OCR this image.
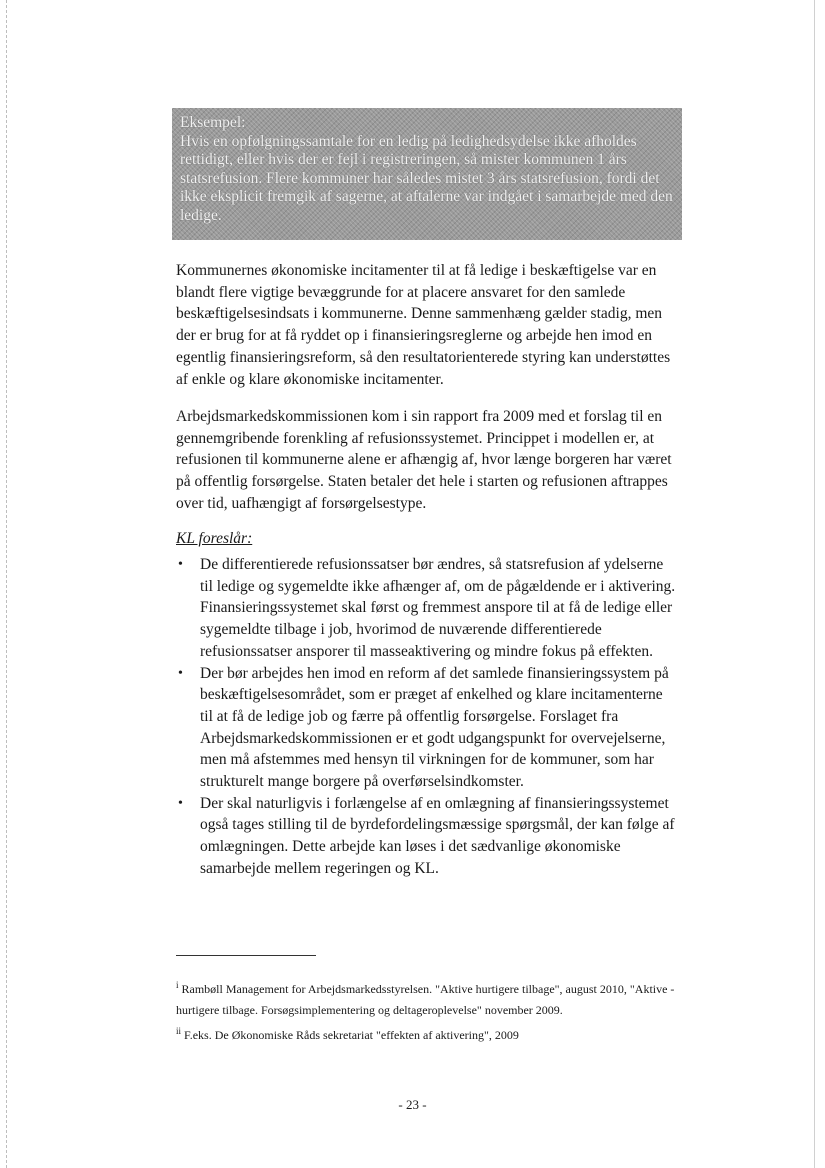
Eksempel:
Hvis en opfølgningssamtale for en ledig på ledighedsydelse ikke afholdes rettidigt, eller hvis der er fejl i registreringen, så mister kommunen 1 års statsrefusion. Flere kommuner har således mistet 3 års statsrefusion, fordi det ikke eksplicit fremgik af sagerne, at aftalerne var indgået i samarbejde med den ledige.

Kommunernes økonomiske incitamenter til at få ledige i beskæftigelse var en blandt flere vigtige bevæggrunde for at placere ansvaret for den samlede beskæftigelsesindsats i kommunerne. Denne sammenhæng gælder stadig, men der er brug for at få ryddet op i finansieringsreglerne og arbejde hen imod en egentlig finansieringsreform, så den resultatorienterede styring kan understøttes af enkle og klare økonomiske incitamenter.

Arbejdsmarkedskommissionen kom i sin rapport fra 2009 med et forslag til en gennemgribende forenkling af refusionssystemet. Princippet i modellen er, at refusionen til kommunerne alene er afhængig af, hvor længe borgeren har været på offentlig forsørgelse. Staten betaler det hele i starten og refusionen aftrappes over tid, uafhængigt af forsørgelsestype.

KL foreslår:
• De differentierede refusionssatser bør ændres, så statsrefusion af ydelserne til ledige og sygemeldte ikke afhænger af, om de pågældende er i aktivering. Finansieringssystemet skal først og fremmest anspore til at få de ledige eller sygemeldte tilbage i job, hvorimod de nuværende differentierede refusionssatser ansporer til masseaktivering og mindre fokus på effekten.
• Der bør arbejdes hen imod en reform af det samlede finansieringssystem på beskæftigelsesområdet, som er præget af enkelhed og klare incitamenterne til at få de ledige job og færre på offentlig forsørgelse. Forslaget fra Arbejdsmarkedskommissionen er et godt udgangspunkt for overvejelserne, men må afstemmes med hensyn til virkningen for de kommuner, som har strukturelt mange borgere på overførselsindkomster.
• Der skal naturligvis i forlængelse af en omlægning af finansieringssystemet også tages stilling til de byrdefordelingsmæssige spørgsmål, der kan følge af omlægningen. Dette arbejde kan løses i det sædvanlige økonomiske samarbejde mellem regeringen og KL.
$^i$ Rambøll Management for Arbejdsmarkedsstyrelsen. "Aktive hurtigere tilbage", august 2010, "Aktive - hurtigere tilbage. Forsøgsimplementering og deltageroplevelse" november 2009.
$^{ii}$ F.eks. De Økonomiske Råds sekretariat "effekten af aktivering", 2009
- 23 -
